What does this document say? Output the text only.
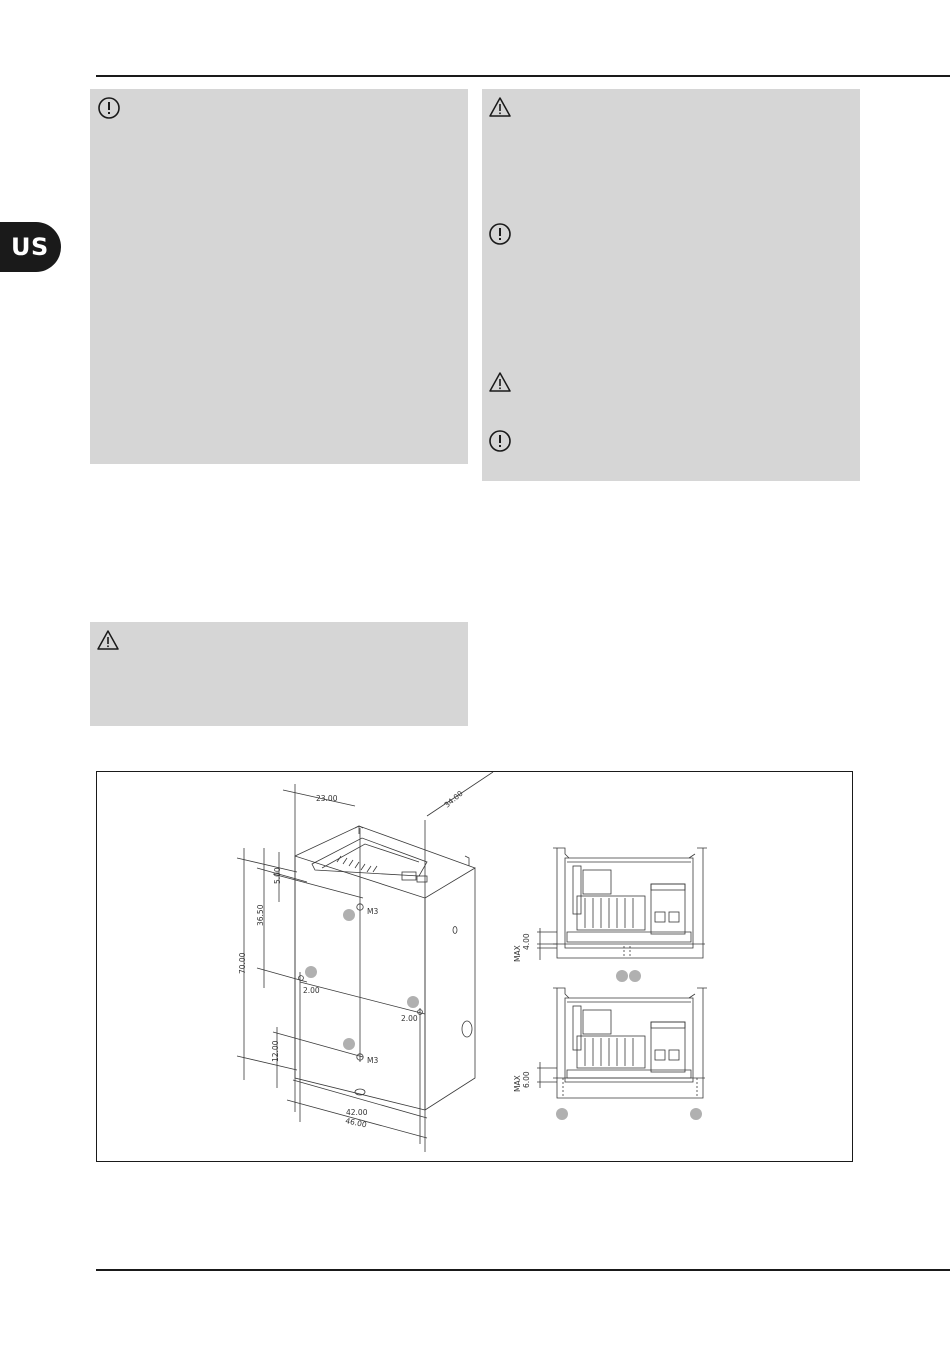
US
23.00	34.00
5.00
36.50
70.00
12.00
2.00
2.00
42.00
46.00
M3
M3
MAX
4.00
MAX 6.00
